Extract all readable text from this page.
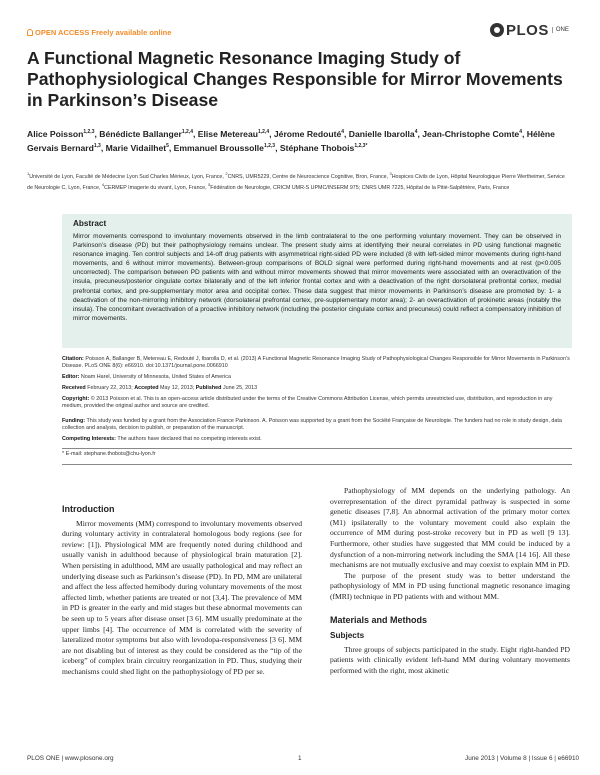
OPEN ACCESS Freely available online	PLOS	ONE
A Functional Magnetic Resonance Imaging Study of Pathophysiological Changes Responsible for Mirror Movements in Parkinson’s Disease
Alice Poisson$^{1,2,3}$, Bénédicte Ballanger$^{1,2,4}$, Elise Metereau$^{1,2,4}$, Jérome Redouté$^4$, Danielle Ibarolla$^4$, Jean-Christophe Comte$^4$, Hélène Gervais Bernard$^{1,3}$, Marie Vidailhet$^5$, Emmanuel Broussolle$^{1,2,3}$, Stéphane Thobois$^{1,2,3*}$
$^1$Université de Lyon, Faculté de Médecine Lyon Sud Charles Mérieux, Lyon, France, $^2$CNRS, UMR5229, Centre de Neuroscience Cognitive, Bron, France, $^3$Hospices Civils de Lyon, Hôpital Neurologique Pierre Wertheimer, Service de Neurologie C, Lyon, France, $^4$CERMEP Imagerie du vivant, Lyon, France, $^5$Fédération de Neurologie, CRICM UMR-S UPMC/INSERM 975; CNRS UMR 7225, Hôpital de la Pitié-Salpêtrière, Paris, France
Abstract

Mirror movements correspond to involuntary movements observed in the limb contralateral to the one performing voluntary movement. They can be observed in Parkinson’s disease (PD) but their pathophysiology remains unclear. The present study aims at identifying their neural correlates in PD using functional magnetic resonance imaging. Ten control subjects and 14-off drug patients with asymmetrical right-sided PD were included (8 with left-sided mirror movements during right-hand movements, and 6 without mirror movements). Between-group comparisons of BOLD signal were performed during right-hand movements and at rest (p<0.005 uncorrected). The comparison between PD patients with and without mirror movements showed that mirror movements were associated with an overactivation of the insula, precuneus/posterior cingulate cortex bilaterally and of the left inferior frontal cortex and with a deactivation of the right dorsolateral prefrontal cortex, medial prefrontal cortex, and pre-supplementary motor area and occipital cortex. These data suggest that mirror movements in Parkinson’s disease are promoted by: 1- a deactivation of the non-mirroring inhibitory network (dorsolateral prefrontal cortex, pre-supplementary motor area); 2- an overactivation of prokinetic areas (notably the insula). The concomitant overactivation of a proactive inhibitory network (including the posterior cingulate cortex and precuneus) could reflect a compensatory inhibition of mirror movements.

Citation: Poisson A, Ballanger B, Metereau E, Redouté J, Ibarolla D, et al. (2013) A Functional Magnetic Resonance Imaging Study of Pathophysiological Changes Responsible for Mirror Movements in Parkinson’s Disease. PLoS ONE 8(6): e66910. doi:10.1371/journal.pone.0066910

Editor: Noam Harel, University of Minnesota, United States of America

Received February 22, 2013; Accepted May 12, 2013; Published June 25, 2013

Copyright: © 2013 Poisson et al. This is an open-access article distributed under the terms of the Creative Commons Attribution License, which permits unrestricted use, distribution, and reproduction in any medium, provided the original author and source are credited.

Funding: This study was funded by a grant from the Association France Parkinson. A. Poisson was supported by a grant from the Société Française de Neurologie. The funders had no role in study design, data collection and analysis, decision to publish, or preparation of the manuscript.

Competing Interests: The authors have declared that no competing interests exist.

* E-mail: stephane.thobois@chu-lyon.fr

Introduction

Mirror movements (MM) correspond to involuntary movements observed during voluntary activity in contralateral homologous body regions (see for review: [1]). Physiological MM are frequently noted during childhood and usually vanish in adulthood because of physiological brain maturation [2]. When persisting in adulthood, MM are usually pathological and may reflect an underlying disease such as Parkinson’s disease (PD). In PD, MM are unilateral and affect the less affected hemibody during voluntary movements of the most affected limb, whether patients are treated or not [3,4]. The prevalence of MM in PD is greater in the early and mid stages but these abnormal movements can be seen up to 5 years after disease onset [3 6]. MM usually predominate at the upper limbs [4]. The occurrence of MM is correlated with the severity of lateralized motor symptoms but also with levodopa-responsiveness [3 6]. MM are not disabling but of interest as they could be considered as the “tip of the iceberg” of complex brain circuitry reorganization in PD. Thus, studying their mechanisms could shed light on the pathophysiology of PD per se.

Pathophysiology of MM depends on the underlying pathology. An overrepresentation of the direct pyramidal pathway is suspected in some genetic diseases [7,8]. An abnormal activation of the primary motor cortex (M1) ipsilaterally to the voluntary movement could also explain the occurrence of MM during post-stroke recovery but in PD as well [9 13]. Furthermore, other studies have suggested that MM could be induced by a dysfunction of a non-mirroring network including the SMA [14 16]. All these mechanisms are not mutually exclusive and may coexist to explain MM in PD.

The purpose of the present study was to better understand the pathophysiology of MM in PD using functional magnetic resonance imaging (fMRI) technique in PD patients with and without MM.

Materials and Methods
Subjects

Three groups of subjects participated in the study. Eight right-handed PD patients with clinically evident left-hand MM during voluntary movements performed with the right, most akinetic

PLOS ONE | www.plosone.org	1	June 2013 | Volume 8 | Issue 6 | e66910
